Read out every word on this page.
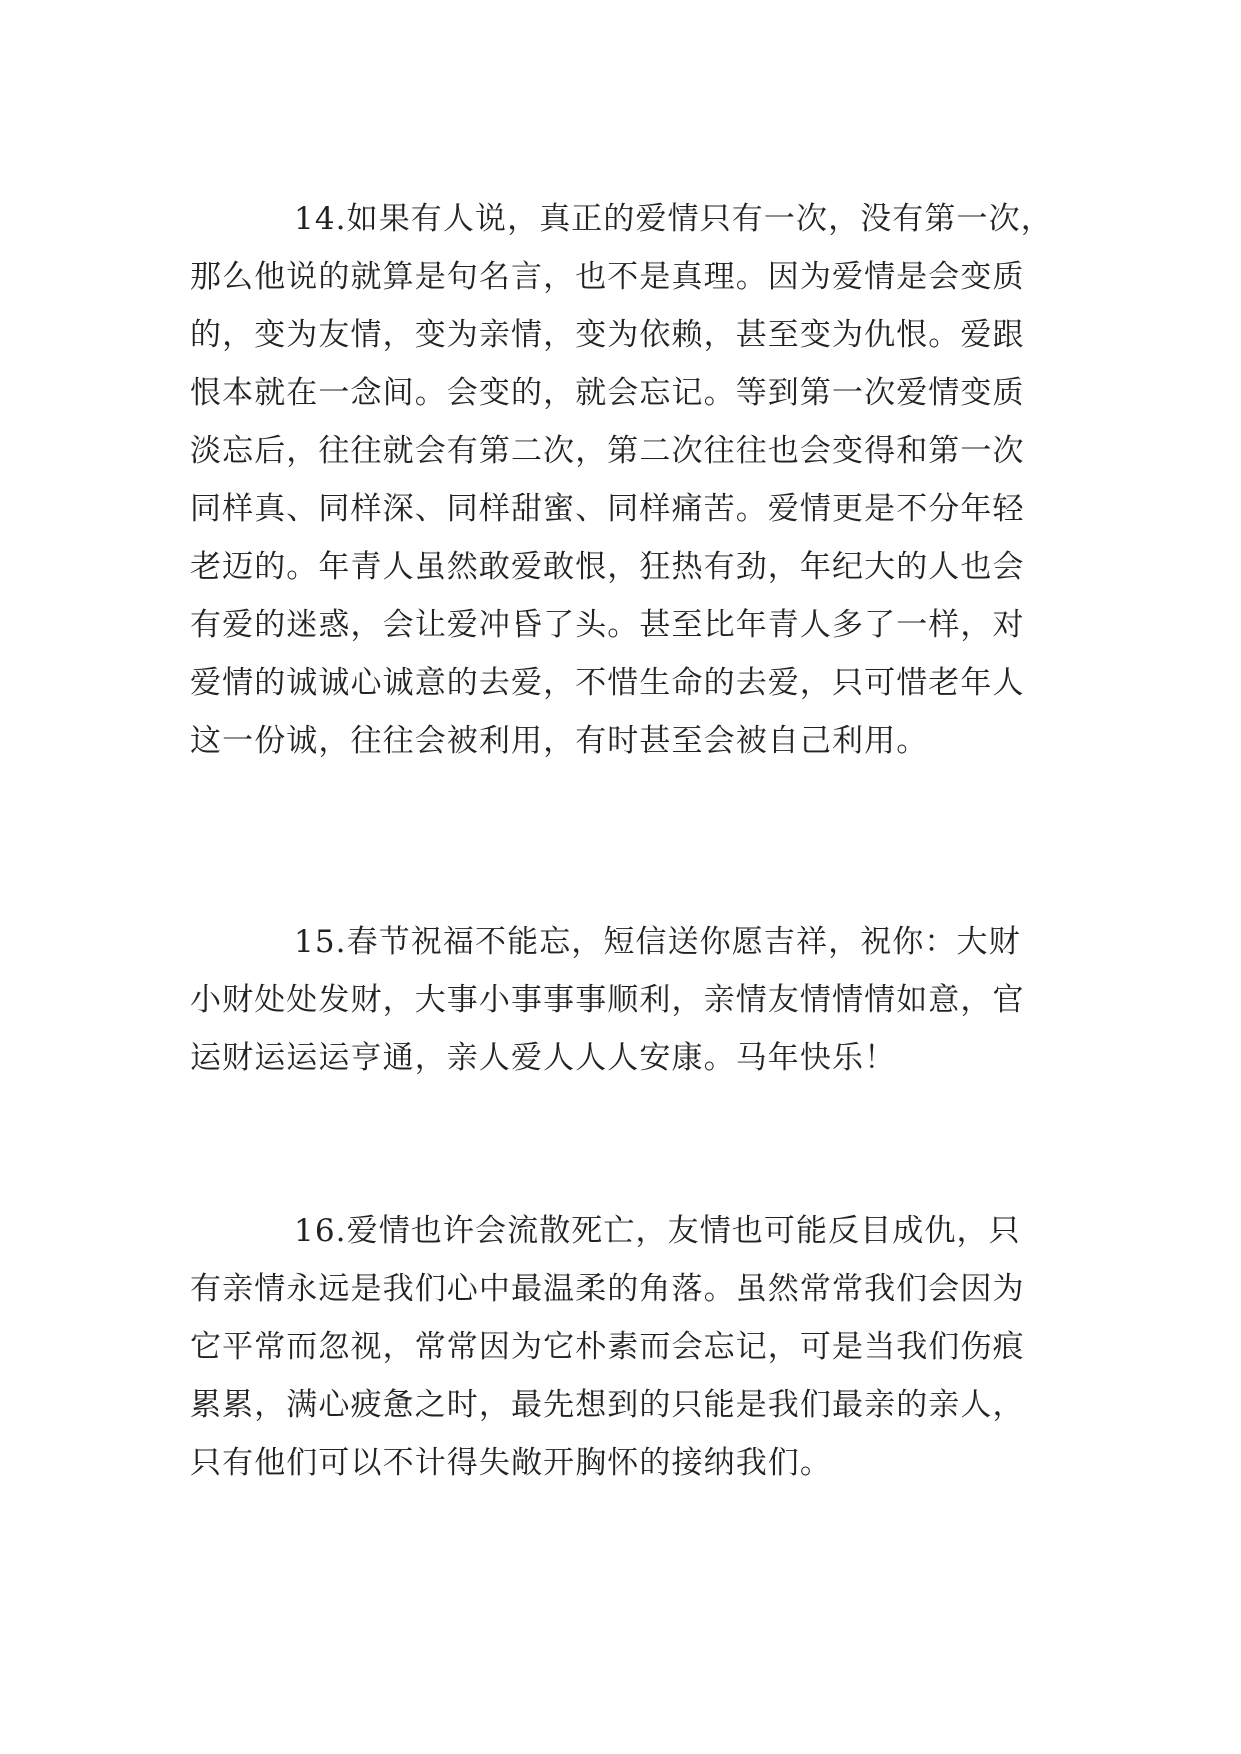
14.如果有人说，真正的爱情只有一次，没有第一次，
那么他说的就算是句名言，也不是真理。因为爱情是会变质
的，变为友情，变为亲情，变为依赖，甚至变为仇恨。爱跟
恨本就在一念间。会变的，就会忘记。等到第一次爱情变质
淡忘后，往往就会有第二次，第二次往往也会变得和第一次
同样真、同样深、同样甜蜜、同样痛苦。爱情更是不分年轻
老迈的。年青人虽然敢爱敢恨，狂热有劲，年纪大的人也会
有爱的迷惑，会让爱冲昏了头。甚至比年青人多了一样，对
爱情的诚诚心诚意的去爱，不惜生命的去爱，只可惜老年人
这一份诚，往往会被利用，有时甚至会被自己利用。
15.春节祝福不能忘，短信送你愿吉祥，祝你：大财
小财处处发财，大事小事事事顺利，亲情友情情情如意，官
运财运运运亨通，亲人爱人人人安康。马年快乐！
16.爱情也许会流散死亡，友情也可能反目成仇，只
有亲情永远是我们心中最温柔的角落。虽然常常我们会因为
它平常而忽视，常常因为它朴素而会忘记，可是当我们伤痕
累累，满心疲惫之时，最先想到的只能是我们最亲的亲人，
只有他们可以不计得失敞开胸怀的接纳我们。
